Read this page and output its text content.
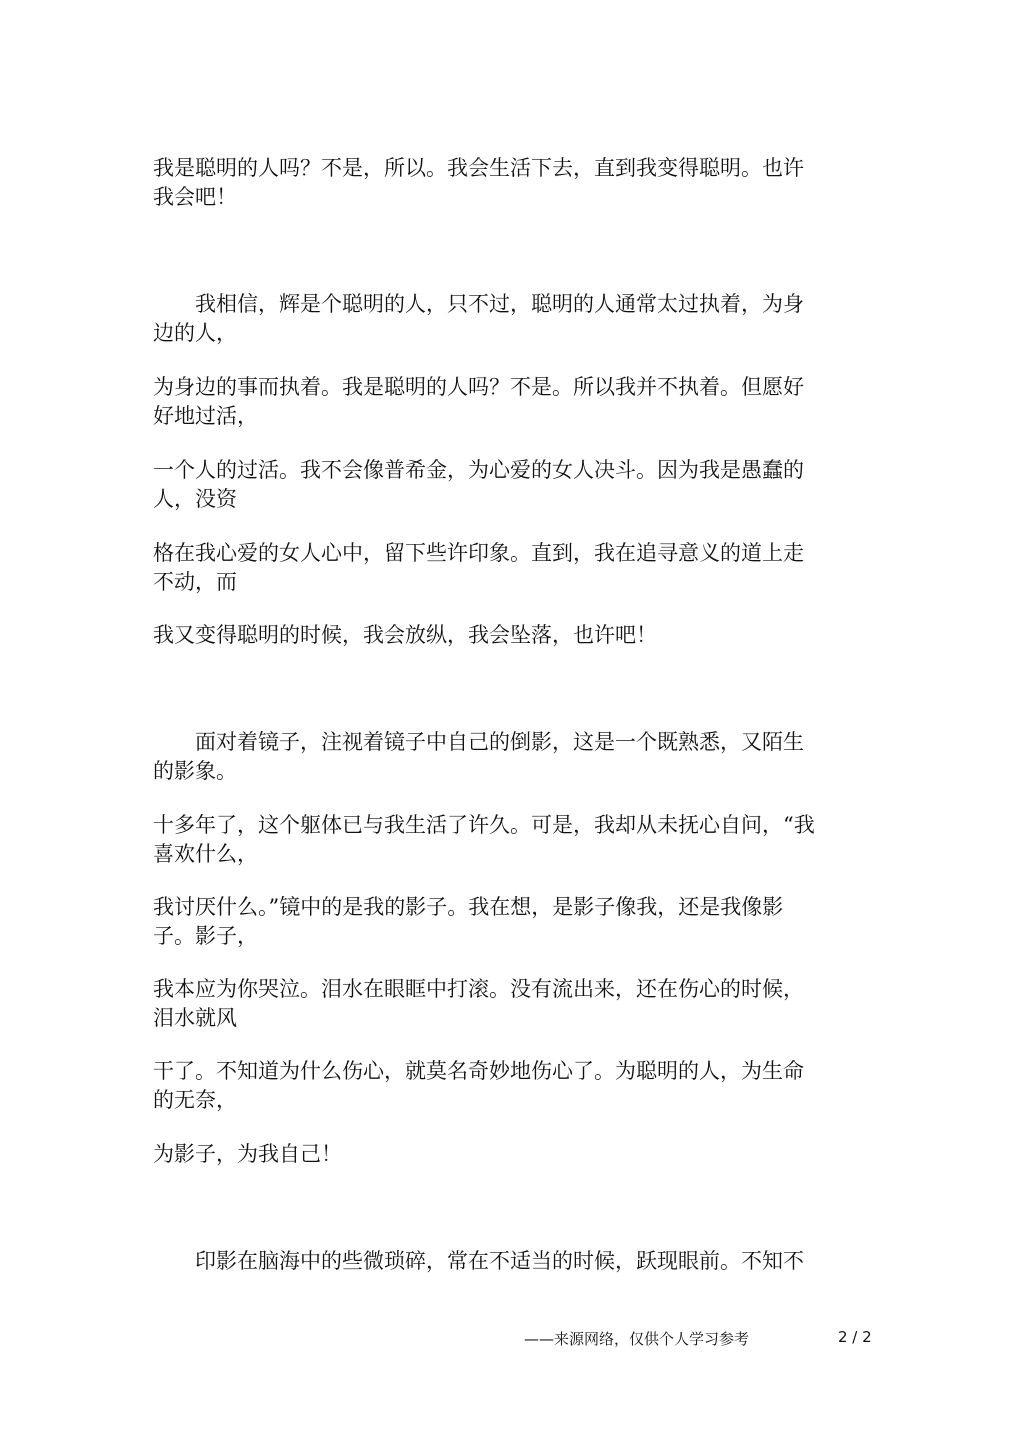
我是聪明的人吗？不是，所以。我会生活下去，直到我变得聪明。也许
我会吧！
　　我相信，辉是个聪明的人，只不过，聪明的人通常太过执着，为身
边的人，
为身边的事而执着。我是聪明的人吗？不是。所以我并不执着。但愿好
好地过活，
一个人的过活。我不会像普希金，为心爱的女人决斗。因为我是愚蠢的
人，没资
格在我心爱的女人心中，留下些许印象。直到，我在追寻意义的道上走
不动，而
我又变得聪明的时候，我会放纵，我会坠落，也许吧！
　　面对着镜子，注视着镜子中自己的倒影，这是一个既熟悉，又陌生
的影象。
十多年了，这个躯体已与我生活了许久。可是，我却从未抚心自问，“我
喜欢什么，
我讨厌什么。”镜中的是我的影子。我在想，是影子像我，还是我像影
子。影子，
我本应为你哭泣。泪水在眼眶中打滚。没有流出来，还在伤心的时候，
泪水就风
干了。不知道为什么伤心，就莫名奇妙地伤心了。为聪明的人，为生命
的无奈，
为影子，为我自己！
　　印影在脑海中的些微琐碎，常在不适当的时候，跃现眼前。不知不
——来源网络，仅供个人学习参考	2 / 2
